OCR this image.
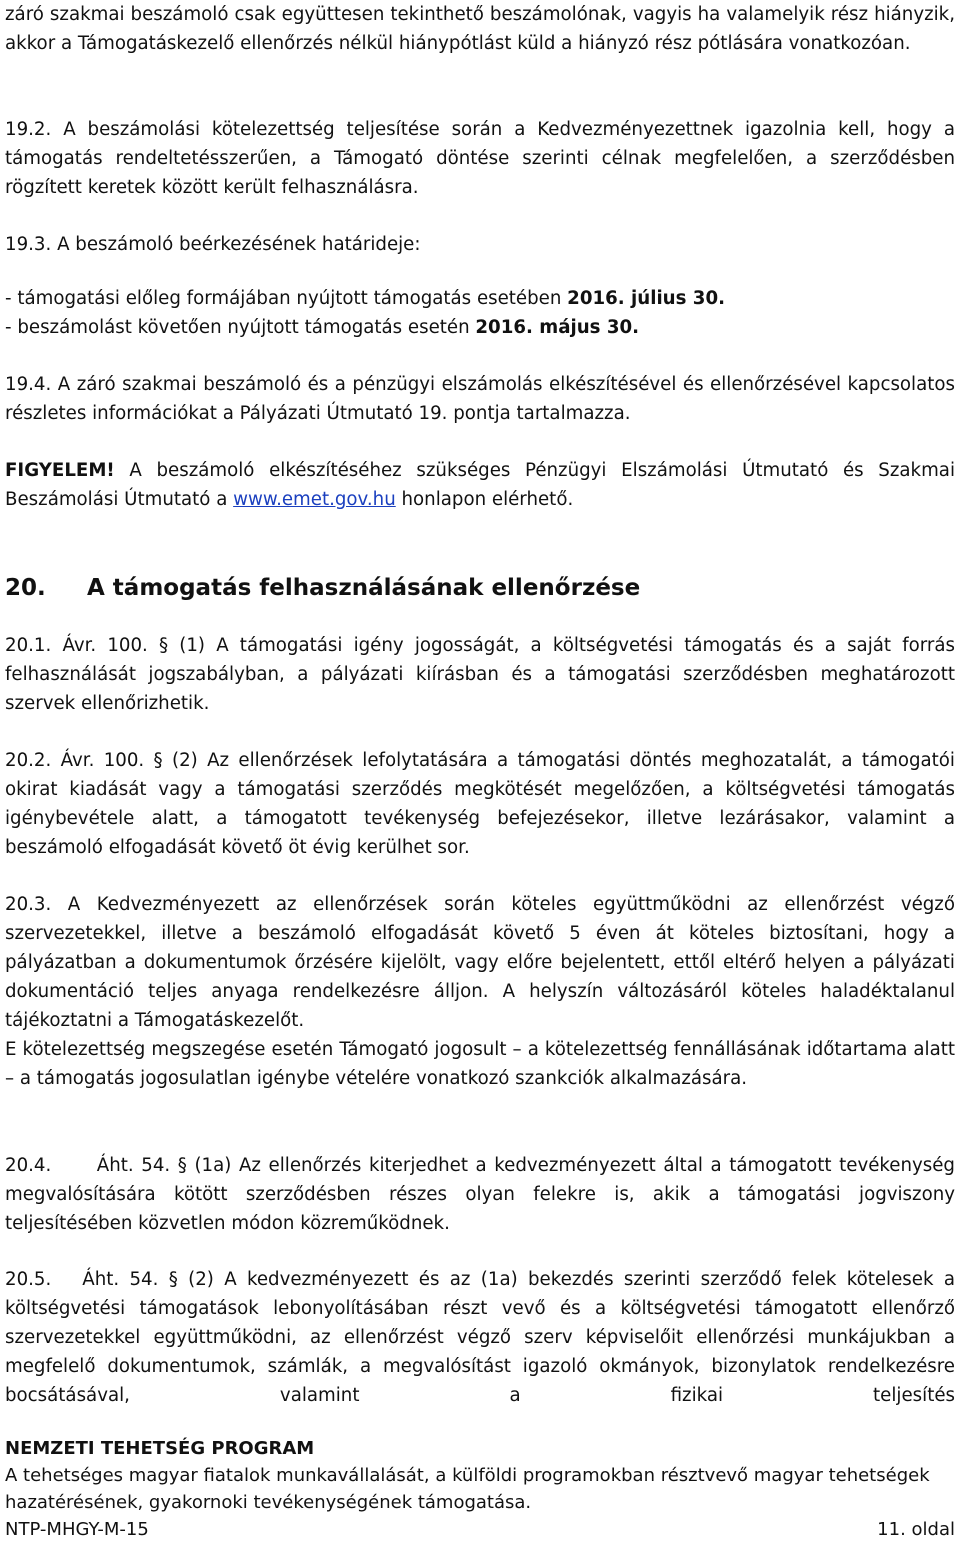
záró szakmai beszámoló csak együttesen tekinthető beszámolónak, vagyis ha valamelyik rész hiányzik, akkor a Támogatáskezelő ellenőrzés nélkül hiánypótlást küld a hiányzó rész pótlására vonatkozóan.

19.2. A beszámolási kötelezettség teljesítése során a Kedvezményezettnek igazolnia kell, hogy a támogatás rendeltetésszerűen, a Támogató döntése szerinti célnak megfelelően, a szerződésben rögzített keretek között került felhasználásra.

19.3. A beszámoló beérkezésének határideje:

- támogatási előleg formájában nyújtott támogatás esetében 2016. július 30.

- beszámolást követően nyújtott támogatás esetén 2016. május 30.

19.4. A záró szakmai beszámoló és a pénzügyi elszámolás elkészítésével és ellenőrzésével kapcsolatos részletes információkat a Pályázati Útmutató 19. pontja tartalmazza.

FIGYELEM! A beszámoló elkészítéséhez szükséges Pénzügyi Elszámolási Útmutató és Szakmai Beszámolási Útmutató a www.emet.gov.hu honlapon elérhető.

20. A támogatás felhasználásának ellenőrzése

20.1. Ávr. 100. § (1) A támogatási igény jogosságát, a költségvetési támogatás és a saját forrás felhasználását jogszabályban, a pályázati kiírásban és a támogatási szerződésben meghatározott szervek ellenőrizhetik.

20.2. Ávr. 100. § (2) Az ellenőrzések lefolytatására a támogatási döntés meghozatalát, a támogatói okirat kiadását vagy a támogatási szerződés megkötését megelőzően, a költségvetési támogatás igénybevétele alatt, a támogatott tevékenység befejezésekor, illetve lezárásakor, valamint a beszámoló elfogadását követő öt évig kerülhet sor.

20.3. A Kedvezményezett az ellenőrzések során köteles együttműködni az ellenőrzést végző szervezetekkel, illetve a beszámoló elfogadását követő 5 éven át köteles biztosítani, hogy a pályázatban a dokumentumok őrzésére kijelölt, vagy előre bejelentett, ettől eltérő helyen a pályázati dokumentáció teljes anyaga rendelkezésre álljon. A helyszín változásáról köteles haladéktalanul tájékoztatni a Támogatáskezelőt.

E kötelezettség megszegése esetén Támogató jogosult – a kötelezettség fennállásának időtartama alatt – a támogatás jogosulatlan igénybe vételére vonatkozó szankciók alkalmazására.

20.4.	Áht. 54. § (1a) Az ellenőrzés kiterjedhet a kedvezményezett által a támogatott tevékenység megvalósítására kötött szerződésben részes olyan felekre is, akik a támogatási jogviszony teljesítésében közvetlen módon közreműködnek.

20.5. Áht. 54. § (2) A kedvezményezett és az (1a) bekezdés szerinti szerződő felek kötelesek a költségvetési támogatások lebonyolításában részt vevő és a költségvetési támogatott ellenőrző szervezetekkel együttműködni, az ellenőrzést végző szerv képviselőit ellenőrzési munkájukban a megfelelő dokumentumok, számlák, a megvalósítást igazoló okmányok, bizonylatok rendelkezésre bocsátásával, valamint a fizikai teljesítés

NEMZETI TEHETSÉG PROGRAM
A tehetséges magyar fiatalok munkavállalását, a külföldi programokban résztvevő magyar tehetségek hazatérésének, gyakornoki tevékenységének támogatása.
NTP-MHGY-M-15	11. oldal
